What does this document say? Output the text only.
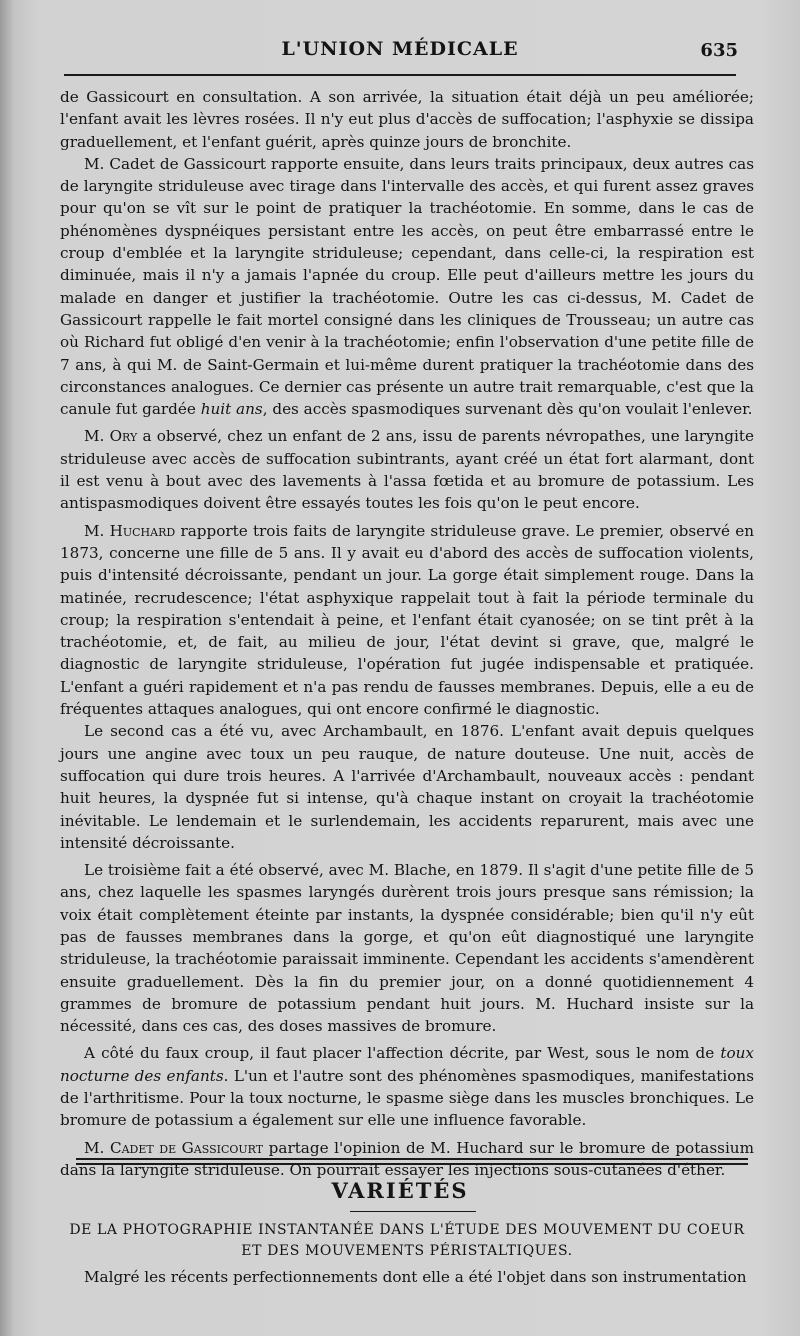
L'UNION MÉDICALE	635

de Gassicourt en consultation. A son arrivée, la situation était déjà un peu améliorée; l'enfant avait les lèvres rosées. Il n'y eut plus d'accès de suffocation; l'asphyxie se dissipa graduellement, et l'enfant guérit, après quinze jours de bronchite.

M. Cadet de Gassicourt rapporte ensuite, dans leurs traits principaux, deux autres cas de laryngite striduleuse avec tirage dans l'intervalle des accès, et qui furent assez graves pour qu'on se vît sur le point de pratiquer la trachéotomie. En somme, dans le cas de phénomènes dyspnéiques persistant entre les accès, on peut être embarrassé entre le croup d'emblée et la laryngite striduleuse; cependant, dans celle-ci, la respiration est diminuée, mais il n'y a jamais l'apnée du croup. Elle peut d'ailleurs mettre les jours du malade en danger et justifier la trachéotomie. Outre les cas ci-dessus, M. Cadet de Gassicourt rappelle le fait mortel consigné dans les cliniques de Trousseau; un autre cas où Richard fut obligé d'en venir à la trachéotomie; enfin l'observation d'une petite fille de 7 ans, à qui M. de Saint-Germain et lui-même durent pratiquer la trachéotomie dans des circonstances analogues. Ce dernier cas présente un autre trait remarquable, c'est que la canule fut gardée huit ans, des accès spasmodiques survenant dès qu'on voulait l'enlever.

M. Ory a observé, chez un enfant de 2 ans, issu de parents névropathes, une laryngite striduleuse avec accès de suffocation subintrants, ayant créé un état fort alarmant, dont il est venu à bout avec des lavements à l'assa fœtida et au bromure de potassium. Les antispasmodiques doivent être essayés toutes les fois qu'on le peut encore.

M. Huchard rapporte trois faits de laryngite striduleuse grave. Le premier, observé en 1873, concerne une fille de 5 ans. Il y avait eu d'abord des accès de suffocation violents, puis d'intensité décroissante, pendant un jour. La gorge était simplement rouge. Dans la matinée, recrudescence; l'état asphyxique rappelait tout à fait la période terminale du croup; la respiration s'entendait à peine, et l'enfant était cyanosée; on se tint prêt à la trachéotomie, et, de fait, au milieu de jour, l'état devint si grave, que, malgré le diagnostic de laryngite striduleuse, l'opération fut jugée indispensable et pratiquée. L'enfant a guéri rapidement et n'a pas rendu de fausses membranes. Depuis, elle a eu de fréquentes attaques analogues, qui ont encore confirmé le diagnostic.

Le second cas a été vu, avec Archambault, en 1876. L'enfant avait depuis quelques jours une angine avec toux un peu rauque, de nature douteuse. Une nuit, accès de suffocation qui dure trois heures. A l'arrivée d'Archambault, nouveaux accès : pendant huit heures, la dyspnée fut si intense, qu'à chaque instant on croyait la trachéotomie inévitable. Le lendemain et le surlendemain, les accidents reparurent, mais avec une intensité décroissante.

Le troisième fait a été observé, avec M. Blache, en 1879. Il s'agit d'une petite fille de 5 ans, chez laquelle les spasmes laryngés durèrent trois jours presque sans rémission; la voix était complètement éteinte par instants, la dyspnée considérable; bien qu'il n'y eût pas de fausses membranes dans la gorge, et qu'on eût diagnostiqué une laryngite striduleuse, la trachéotomie paraissait imminente. Cependant les accidents s'amendèrent ensuite graduellement. Dès la fin du premier jour, on a donné quotidiennement 4 grammes de bromure de potassium pendant huit jours. M. Huchard insiste sur la nécessité, dans ces cas, des doses massives de bromure.

A côté du faux croup, il faut placer l'affection décrite, par West, sous le nom de toux nocturne des enfants. L'un et l'autre sont des phénomènes spasmodiques, manifestations de l'arthritisme. Pour la toux nocturne, le spasme siège dans les muscles bronchiques. Le bromure de potassium a également sur elle une influence favorable.

M. Cadet de Gassicourt partage l'opinion de M. Huchard sur le bromure de potassium dans la laryngite striduleuse. On pourrait essayer les injections sous-cutanées d'éther.

VARIÉTÉS
DE LA PHOTOGRAPHIE INSTANTANÉE DANS L'ÉTUDE DES MOUVEMENT DU COEUR
ET DES MOUVEMENTS PÉRISTALTIQUES.
Malgré les récents perfectionnements dont elle a été l'objet dans son instrumentation
